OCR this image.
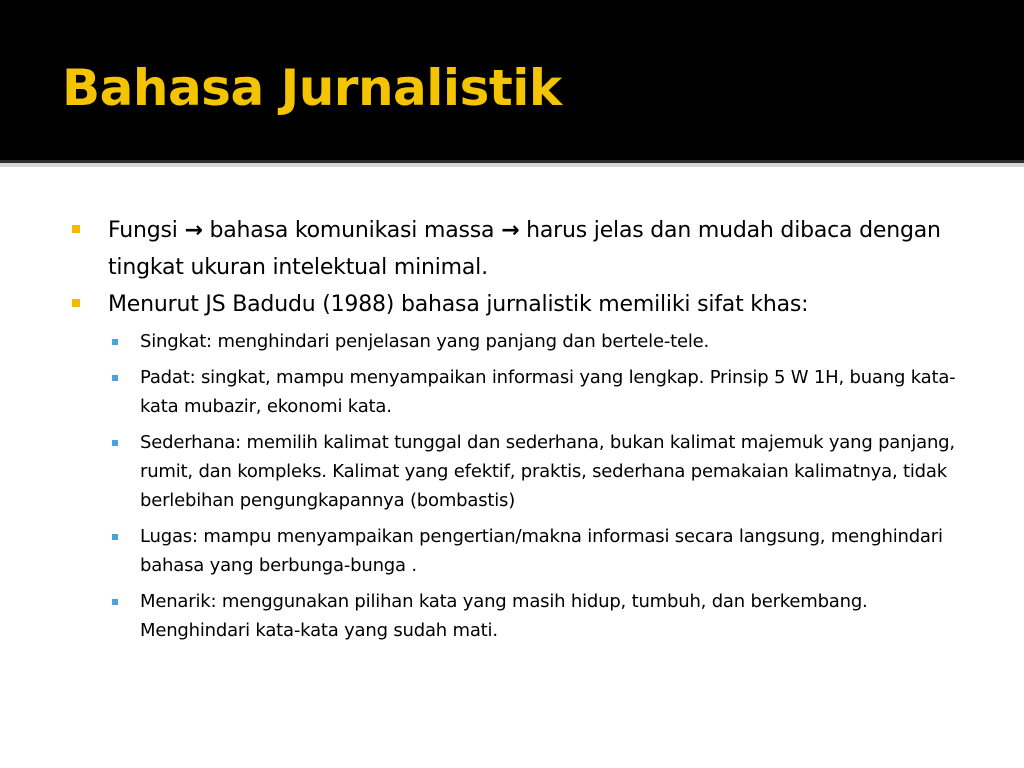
Bahasa Jurnalistik
Fungsi → bahasa komunikasi massa → harus jelas dan mudah dibaca dengan tingkat ukuran intelektual minimal.
Menurut JS Badudu (1988) bahasa jurnalistik memiliki sifat khas:
Singkat: menghindari penjelasan yang panjang dan bertele-tele.
Padat: singkat, mampu menyampaikan informasi yang lengkap. Prinsip 5 W 1H, buang kata-kata mubazir, ekonomi kata.
Sederhana: memilih kalimat tunggal dan sederhana, bukan kalimat majemuk yang panjang, rumit, dan kompleks. Kalimat yang efektif, praktis, sederhana pemakaian kalimatnya, tidak berlebihan pengungkapannya (bombastis)
Lugas: mampu menyampaikan pengertian/makna informasi secara langsung, menghindari bahasa yang berbunga-bunga .
Menarik: menggunakan pilihan kata yang masih hidup, tumbuh, dan berkembang. Menghindari kata-kata yang sudah mati.
